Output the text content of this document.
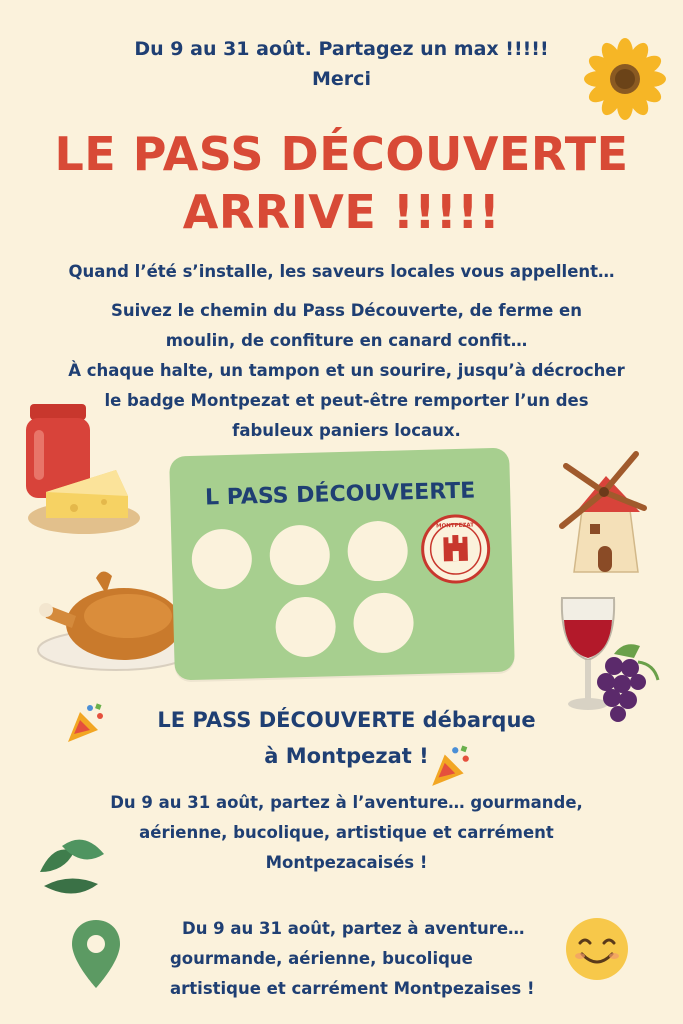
Du 9 au 31 août. Partagez un max !!!!!
Merci
LE PASS DÉCOUVERTE
ARRIVE !!!!!
Quand l’été s’installe, les saveurs locales vous appellent…
Suivez le chemin du Pass Découverte, de ferme en
moulin, de confiture en canard confit…
À chaque halte, un tampon et un sourire, jusqu’à décrocher
le badge Montpezat et peut-être remporter l’un des
fabuleux paniers locaux.
L PASS DÉCOUVEERTE
MONTPEZAT
LE PASS DÉCOUVERTE débarque
à Montpezat !
Du 9 au 31 août, partez à l’aventure… gourmande,
aérienne, bucolique, artistique et carrément
Montpezacaisés !
Du 9 au 31 août, partez à aventure…
gourmande, aérienne, bucolique
artistique et carrément Montpezaises !
